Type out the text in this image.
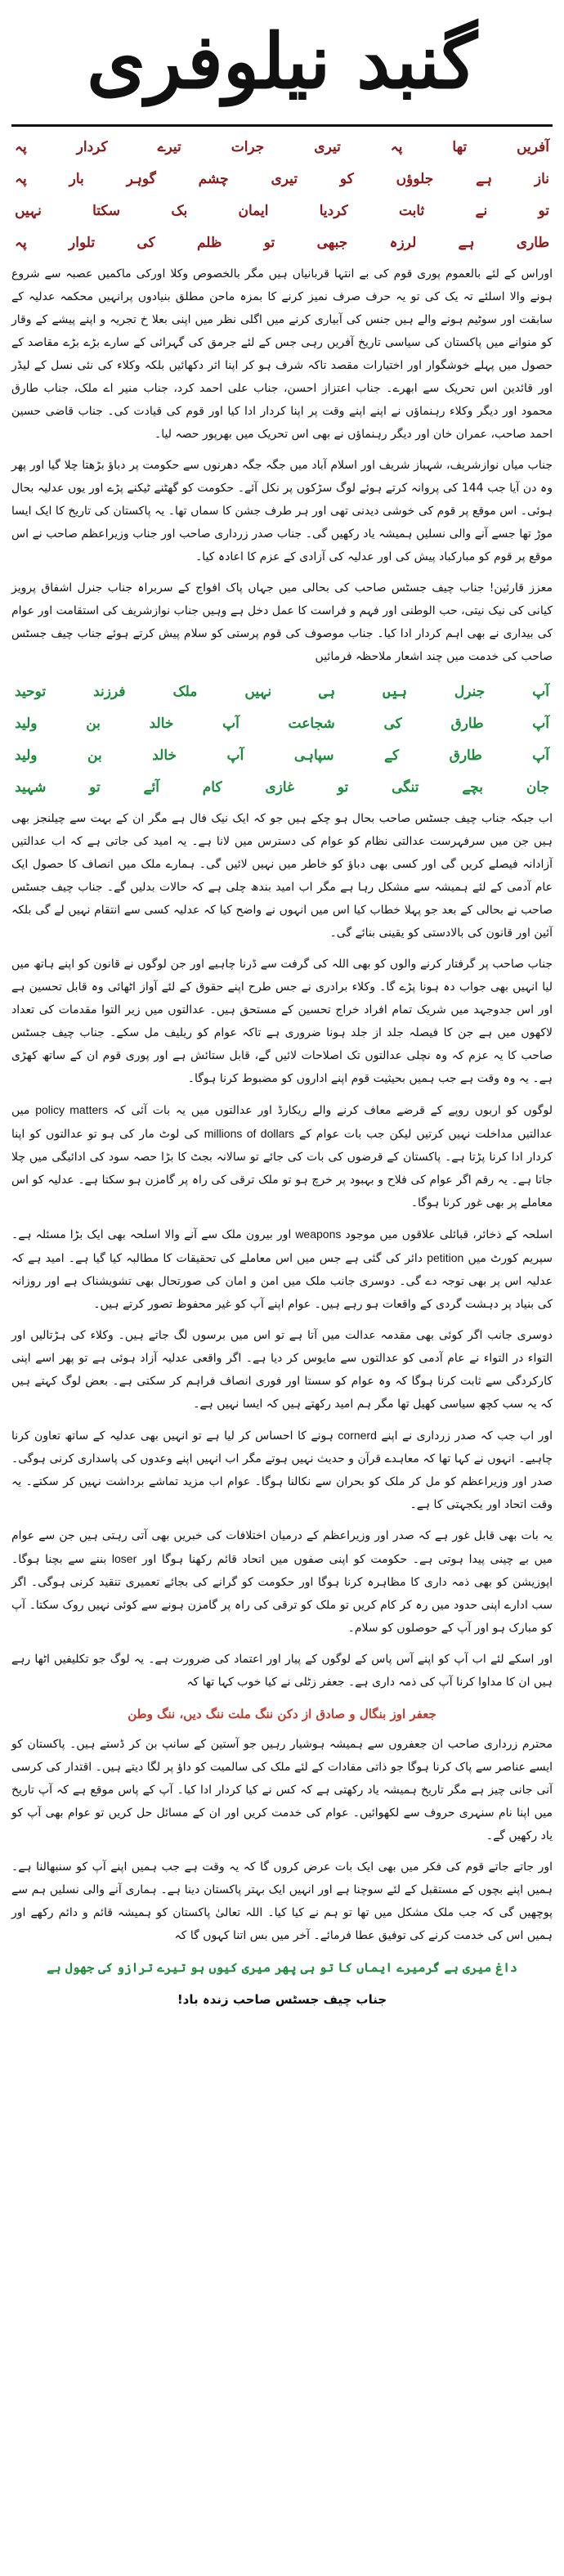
گنبد نیلوفری
آفریں
تھا
پہ
تیری
جرات
تیرے
کردار
پہ
ناز
ہے
جلوؤں
کو
تیری
چشم
گوہر
بار
پہ
تو
نے
ثابت
کردیا
ایمان
بک
سکتا
نہیں
طاری
ہے
لرزہ
جبھی
تو
ظلم
کی
تلوار
پہ

اوراس کے لئے بالعموم پوری قوم کی بے انتہا قربانیاں ہیں مگر بالخصوص وکلا اورکی ماکمیں عصبہ سے شروع ہونے والا اسلئے تہ یک کی تو یہ حرف صرف نمیز کرنے کا بمزہ ماحن مطلق بنیادوں پرانہیں محکمہ عدلیہ کے سابقت اور سوٹیم ہونے والے ہیں جنس کی آبیاری کرنے میں اگلی نظر میں اپنی بعلا خ تجریہ و اپنے پیشے کے وقار کو منوانے میں پاکستان کی سیاسی تاریخ آفریں رہی جس کے لئے جرمق کی گہرائی کے سارے بڑے بڑے مقاصد کے حصول میں پہلے خوشگوار اور اختیارات مقصد تاکہ شرف ہو کر اپنا اثر دکھائیں بلکہ وکلاء کی نئی نسل کے لیڈر اور قائدین اس تحریک سے ابھرے۔ جناب اعتزاز احسن، جناب علی احمد کرد، جناب منیر اے ملک، جناب طارق محمود اور دیگر وکلاء رہنماؤں نے اپنے اپنے وقت پر اپنا کردار ادا کیا اور قوم کی قیادت کی۔ جناب قاضی حسین احمد صاحب، عمران خان اور دیگر رہنماؤں نے بھی اس تحریک میں بھرپور حصہ لیا۔

جناب میاں نوازشریف، شہباز شریف اور اسلام آباد میں جگہ جگہ دھرنوں سے حکومت پر دباؤ بڑھتا چلا گیا اور پھر وہ دن آیا جب 144 کی پروانہ کرتے ہوئے لوگ سڑکوں پر نکل آئے۔ حکومت کو گھٹنے ٹیکنے پڑے اور یوں عدلیہ بحال ہوئی۔ اس موقع پر قوم کی خوشی دیدنی تھی اور ہر طرف جشن کا سماں تھا۔ یہ پاکستان کی تاریخ کا ایک ایسا موڑ تھا جسے آنے والی نسلیں ہمیشہ یاد رکھیں گی۔ جناب صدر زرداری صاحب اور جناب وزیراعظم صاحب نے اس موقع پر قوم کو مبارکباد پیش کی اور عدلیہ کی آزادی کے عزم کا اعادہ کیا۔

معزز قارئین! جناب چیف جسٹس صاحب کی بحالی میں جہاں پاک افواج کے سربراہ جناب جنرل اشفاق پرویز کیانی کی نیک نیتی، حب الوطنی اور فہم و فراست کا عمل دخل ہے وہیں جناب نوازشریف کی استقامت اور عوام کی بیداری نے بھی اہم کردار ادا کیا۔ جناب موصوف کی قوم پرستی کو سلام پیش کرتے ہوئے جناب چیف جسٹس صاحب کی خدمت میں چند اشعار ملاحظہ فرمائیں

آپ
جنرل
ہیں
ہی
نہیں
ملک
فرزند
توحید
آپ
طارق
کی
شجاعت
آپ
خالد
بن
ولید
آپ
طارق
کے
سپاہی
آپ
خالد
بن
ولید
جان
بچے
تنگی
تو
غازی
کام
آئے
تو
شہید

اب جبکہ جناب چیف جسٹس صاحب بحال ہو چکے ہیں جو کہ ایک نیک فال ہے مگر ان کے بہت سے چیلنجز بھی ہیں جن میں سرفہرست عدالتی نظام کو عوام کی دسترس میں لانا ہے۔ یہ امید کی جاتی ہے کہ اب عدالتیں آزادانہ فیصلے کریں گی اور کسی بھی دباؤ کو خاطر میں نہیں لائیں گی۔ ہمارے ملک میں انصاف کا حصول ایک عام آدمی کے لئے ہمیشہ سے مشکل رہا ہے مگر اب امید بندھ چلی ہے کہ حالات بدلیں گے۔ جناب چیف جسٹس صاحب نے بحالی کے بعد جو پہلا خطاب کیا اس میں انہوں نے واضح کیا کہ عدلیہ کسی سے انتقام نہیں لے گی بلکہ آئین اور قانون کی بالادستی کو یقینی بنائے گی۔

جناب صاحب پر گرفتار کرنے والوں کو بھی اللہ کی گرفت سے ڈرنا چاہیے اور جن لوگوں نے قانون کو اپنے ہاتھ میں لیا انہیں بھی جواب دہ ہونا پڑے گا۔ وکلاء برادری نے جس طرح اپنے حقوق کے لئے آواز اٹھائی وہ قابل تحسین ہے اور اس جدوجہد میں شریک تمام افراد خراج تحسین کے مستحق ہیں۔ عدالتوں میں زیر التوا مقدمات کی تعداد لاکھوں میں ہے جن کا فیصلہ جلد از جلد ہونا ضروری ہے تاکہ عوام کو ریلیف مل سکے۔ جناب چیف جسٹس صاحب کا یہ عزم کہ وہ نچلی عدالتوں تک اصلاحات لائیں گے، قابل ستائش ہے اور پوری قوم ان کے ساتھ کھڑی ہے۔ یہ وہ وقت ہے جب ہمیں بحیثیت قوم اپنے اداروں کو مضبوط کرنا ہوگا۔

لوگوں کو اربوں روپے کے قرضے معاف کرنے والے ریکارڈ اور عدالتوں میں یہ بات آئی کہ policy matters میں عدالتیں مداخلت نہیں کرتیں لیکن جب بات عوام کے millions of dollars کی لوٹ مار کی ہو تو عدالتوں کو اپنا کردار ادا کرنا پڑتا ہے۔ پاکستان کے قرضوں کی بات کی جائے تو سالانہ بجٹ کا بڑا حصہ سود کی ادائیگی میں چلا جاتا ہے۔ یہ رقم اگر عوام کی فلاح و بہبود پر خرچ ہو تو ملک ترقی کی راہ پر گامزن ہو سکتا ہے۔ عدلیہ کو اس معاملے پر بھی غور کرنا ہوگا۔

اسلحہ کے ذخائر، قبائلی علاقوں میں موجود weapons اور بیرون ملک سے آنے والا اسلحہ بھی ایک بڑا مسئلہ ہے۔ سپریم کورٹ میں petition دائر کی گئی ہے جس میں اس معاملے کی تحقیقات کا مطالبہ کیا گیا ہے۔ امید ہے کہ عدلیہ اس پر بھی توجہ دے گی۔ دوسری جانب ملک میں امن و امان کی صورتحال بھی تشویشناک ہے اور روزانہ کی بنیاد پر دہشت گردی کے واقعات ہو رہے ہیں۔ عوام اپنے آپ کو غیر محفوظ تصور کرتے ہیں۔

دوسری جانب اگر کوئی بھی مقدمہ عدالت میں آتا ہے تو اس میں برسوں لگ جاتے ہیں۔ وکلاء کی ہڑتالیں اور التواء در التواء نے عام آدمی کو عدالتوں سے مایوس کر دیا ہے۔ اگر واقعی عدلیہ آزاد ہوئی ہے تو پھر اسے اپنی کارکردگی سے ثابت کرنا ہوگا کہ وہ عوام کو سستا اور فوری انصاف فراہم کر سکتی ہے۔ بعض لوگ کہتے ہیں کہ یہ سب کچھ سیاسی کھیل تھا مگر ہم امید رکھتے ہیں کہ ایسا نہیں ہے۔

اور اب جب کہ صدر زرداری نے اپنے cornerd ہونے کا احساس کر لیا ہے تو انہیں بھی عدلیہ کے ساتھ تعاون کرنا چاہیے۔ انہوں نے کہا تھا کہ معاہدے قرآن و حدیث نہیں ہوتے مگر اب انہیں اپنے وعدوں کی پاسداری کرنی ہوگی۔ صدر اور وزیراعظم کو مل کر ملک کو بحران سے نکالنا ہوگا۔ عوام اب مزید تماشے برداشت نہیں کر سکتے۔ یہ وقت اتحاد اور یکجہتی کا ہے۔

یہ بات بھی قابل غور ہے کہ صدر اور وزیراعظم کے درمیان اختلافات کی خبریں بھی آتی رہتی ہیں جن سے عوام میں بے چینی پیدا ہوتی ہے۔ حکومت کو اپنی صفوں میں اتحاد قائم رکھنا ہوگا اور loser بننے سے بچنا ہوگا۔ اپوزیشن کو بھی ذمہ داری کا مظاہرہ کرنا ہوگا اور حکومت کو گرانے کی بجائے تعمیری تنقید کرنی ہوگی۔ اگر سب ادارے اپنی حدود میں رہ کر کام کریں تو ملک کو ترقی کی راہ پر گامزن ہونے سے کوئی نہیں روک سکتا۔ آپ کو مبارک ہو اور آپ کے حوصلوں کو سلام۔

اور اسکے لئے اب آپ کو اپنے آس پاس کے لوگوں کے پیار اور اعتماد کی ضرورت ہے۔ یہ لوگ جو تکلیفیں اٹھا رہے ہیں ان کا مداوا کرنا آپ کی ذمہ داری ہے۔ جعفر زٹلی نے کیا خوب کہا تھا کہ

جعفر اوز بنگال و صادق از دکن ننگ ملت ننگ دیں، ننگ وطن

محترم زرداری صاحب ان جعفروں سے ہمیشہ ہوشیار رہیں جو آستین کے سانپ بن کر ڈستے ہیں۔ پاکستان کو ایسے عناصر سے پاک کرنا ہوگا جو ذاتی مفادات کے لئے ملک کی سالمیت کو داؤ پر لگا دیتے ہیں۔ اقتدار کی کرسی آنی جانی چیز ہے مگر تاریخ ہمیشہ یاد رکھتی ہے کہ کس نے کیا کردار ادا کیا۔ آپ کے پاس موقع ہے کہ آپ تاریخ میں اپنا نام سنہری حروف سے لکھوائیں۔ عوام کی خدمت کریں اور ان کے مسائل حل کریں تو عوام بھی آپ کو یاد رکھیں گے۔

اور جاتے جاتے قوم کی فکر میں بھی ایک بات عرض کروں گا کہ یہ وقت ہے جب ہمیں اپنے آپ کو سنبھالنا ہے۔ ہمیں اپنے بچوں کے مستقبل کے لئے سوچنا ہے اور انہیں ایک بہتر پاکستان دینا ہے۔ ہماری آنے والی نسلیں ہم سے پوچھیں گی کہ جب ملک مشکل میں تھا تو ہم نے کیا کیا۔ اللہ تعالیٰ پاکستان کو ہمیشہ قائم و دائم رکھے اور ہمیں اس کی خدمت کرنے کی توفیق عطا فرمائے۔ آخر میں بس اتنا کہوں گا کہ

داغ میری ہے گرمیرے ایماں کا تو ہی پھر میری کیوں ہو تیرے ترازو کی جھول ہے
جناب چیف جسٹس صاحب زندہ باد!
